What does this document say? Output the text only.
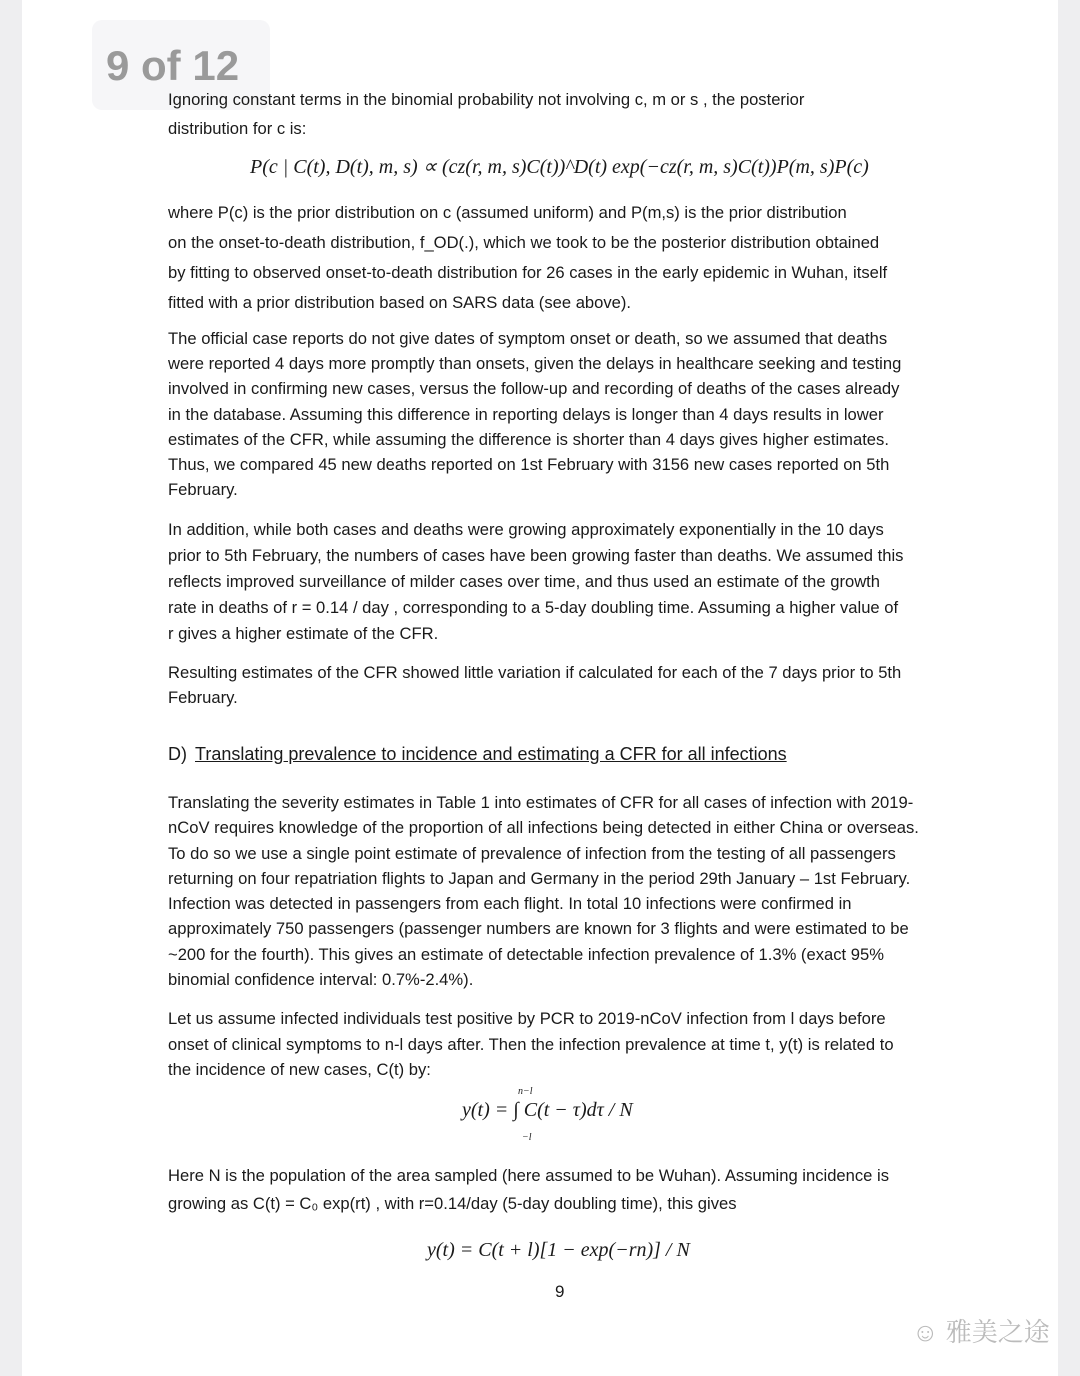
9 of 12
Ignoring constant terms in the binomial probability not involving c, m or s , the posterior
distribution for c is:
P(c | C(t), D(t), m, s) ∝ (cz(r, m, s)C(t))^D(t) exp(−cz(r, m, s)C(t))P(m, s)P(c)
where P(c) is the prior distribution on c (assumed uniform) and P(m,s) is the prior distribution
on the onset-to-death distribution, f_OD(.), which we took to be the posterior distribution obtained
by fitting to observed onset-to-death distribution for 26 cases in the early epidemic in Wuhan, itself
fitted with a prior distribution based on SARS data (see above).
The official case reports do not give dates of symptom onset or death, so we assumed that deaths
were reported 4 days more promptly than onsets, given the delays in healthcare seeking and testing
involved in confirming new cases, versus the follow-up and recording of deaths of the cases already
in the database. Assuming this difference in reporting delays is longer than 4 days results in lower
estimates of the CFR, while assuming the difference is shorter than 4 days gives higher estimates.
Thus, we compared 45 new deaths reported on 1st February with 3156 new cases reported on 5th
February.
In addition, while both cases and deaths were growing approximately exponentially in the 10 days
prior to 5th February, the numbers of cases have been growing faster than deaths. We assumed this
reflects improved surveillance of milder cases over time, and thus used an estimate of the growth
rate in deaths of r = 0.14 / day , corresponding to a 5-day doubling time. Assuming a higher value of
r gives a higher estimate of the CFR.
Resulting estimates of the CFR showed little variation if calculated for each of the 7 days prior to 5th
February.
D) Translating prevalence to incidence and estimating a CFR for all infections
Translating the severity estimates in Table 1 into estimates of CFR for all cases of infection with 2019-
nCoV requires knowledge of the proportion of all infections being detected in either China or overseas.
To do so we use a single point estimate of prevalence of infection from the testing of all passengers
returning on four repatriation flights to Japan and Germany in the period 29th January – 1st February.
Infection was detected in passengers from each flight. In total 10 infections were confirmed in
approximately 750 passengers (passenger numbers are known for 3 flights and were estimated to be
~200 for the fourth). This gives an estimate of detectable infection prevalence of 1.3% (exact 95%
binomial confidence interval: 0.7%-2.4%).
Let us assume infected individuals test positive by PCR to 2019-nCoV infection from l days before
onset of clinical symptoms to n-l days after. Then the infection prevalence at time t, y(t) is related to
the incidence of new cases, C(t) by:
y(t) = ∫ C(t − τ)dτ / N
n−l
−l
Here N is the population of the area sampled (here assumed to be Wuhan). Assuming incidence is
growing as C(t) = C₀ exp(rt) , with r=0.14/day (5-day doubling time), this gives
y(t) = C(t + l)[1 − exp(−rn)] / N
9
☺ 雅美之途
